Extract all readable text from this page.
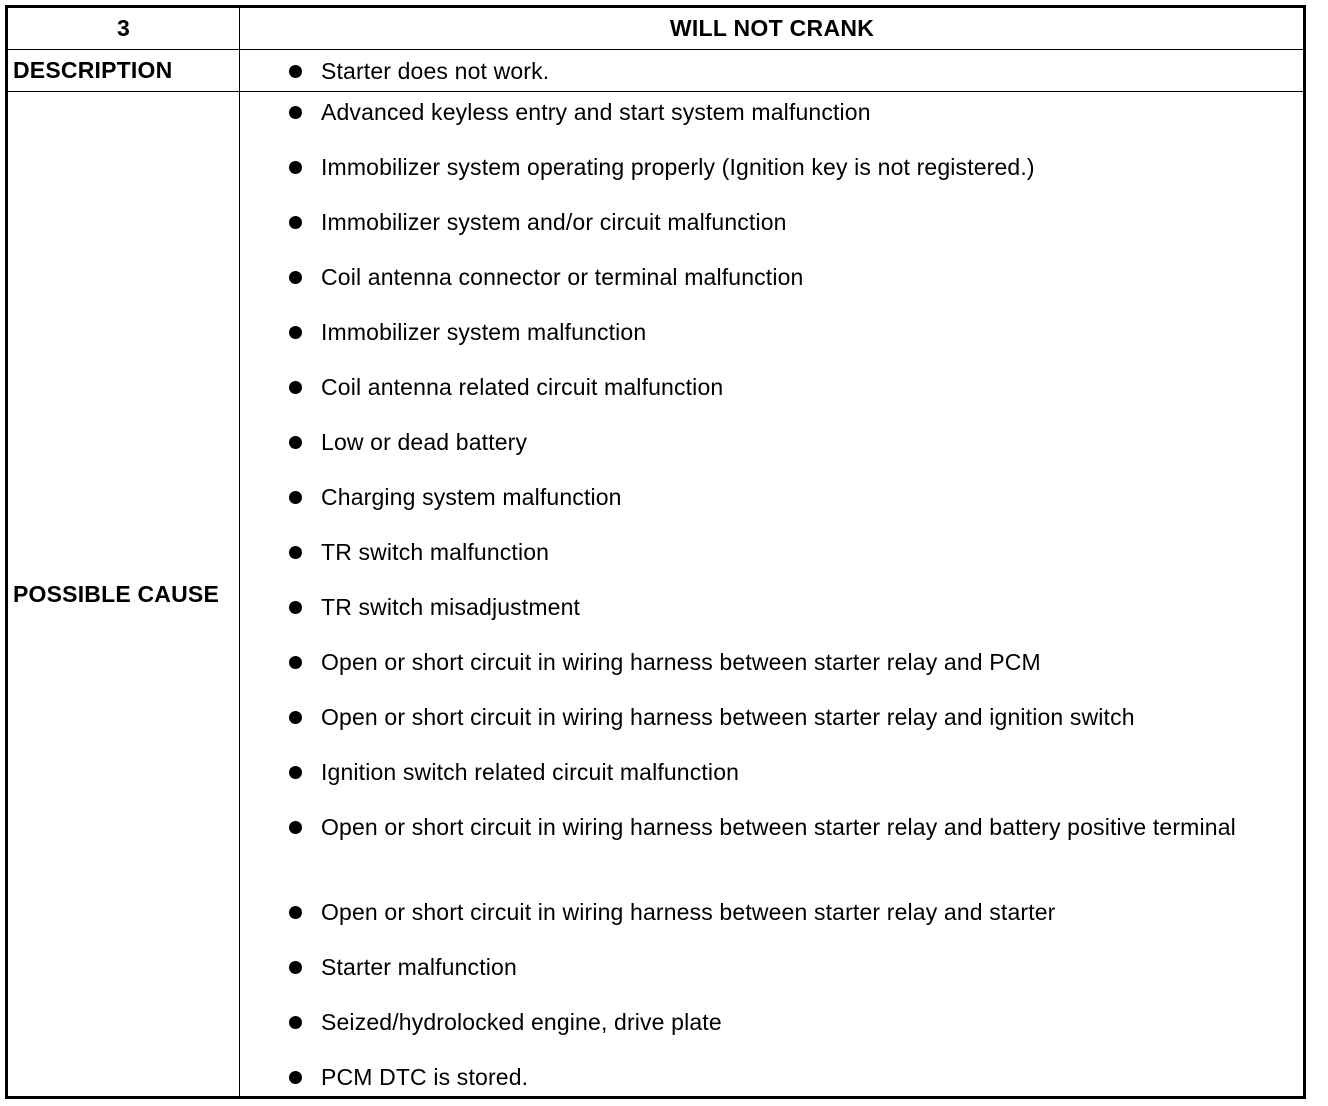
3	WILL NOT CRANK
DESCRIPTION	Starter does not work.
POSSIBLE CAUSE
Advanced keyless entry and start system malfunction
Immobilizer system operating properly (Ignition key is not registered.)
Immobilizer system and/or circuit malfunction
Coil antenna connector or terminal malfunction
Immobilizer system malfunction
Coil antenna related circuit malfunction
Low or dead battery
Charging system malfunction
TR switch malfunction
TR switch misadjustment
Open or short circuit in wiring harness between starter relay and PCM
Open or short circuit in wiring harness between starter relay and ignition switch
Ignition switch related circuit malfunction
Open or short circuit in wiring harness between starter relay and battery positive terminal
Open or short circuit in wiring harness between starter relay and starter
Starter malfunction
Seized/hydrolocked engine, drive plate
PCM DTC is stored.
